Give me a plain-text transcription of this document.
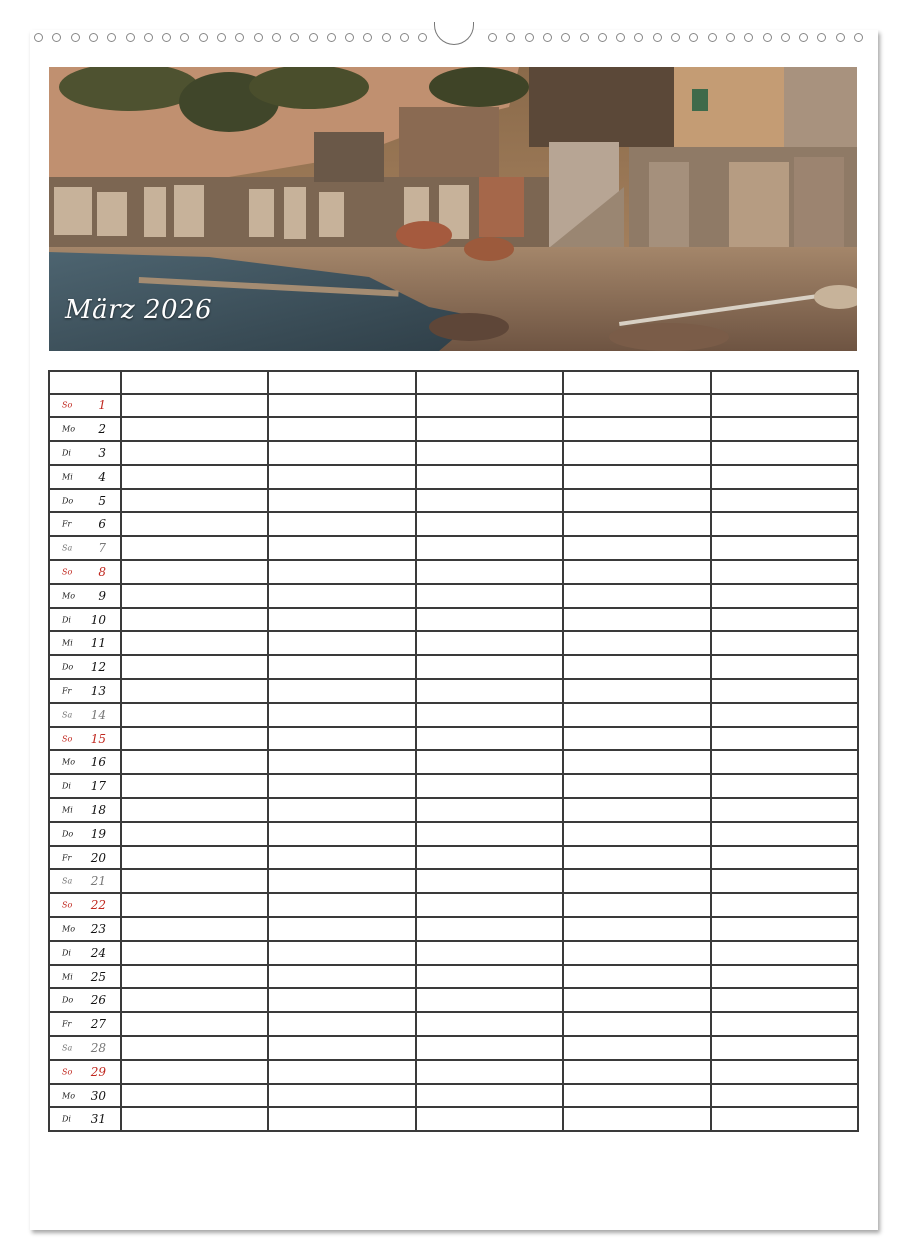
März 2026

So 1					

Mo 2					

Di 3					

Mi 4					

Do 5					

Fr 6					

Sa 7					

So 8					

Mo 9					

Di 10					

Mi 11					

Do 12					

Fr 13					

Sa 14					

So 15					

Mo 16					

Di 17					

Mi 18					

Do 19					

Fr 20					

Sa 21					

So 22					

Mo 23					

Di 24					

Mi 25					

Do 26					

Fr 27					

Sa 28					

So 29					

Mo 30					

Di 31					
